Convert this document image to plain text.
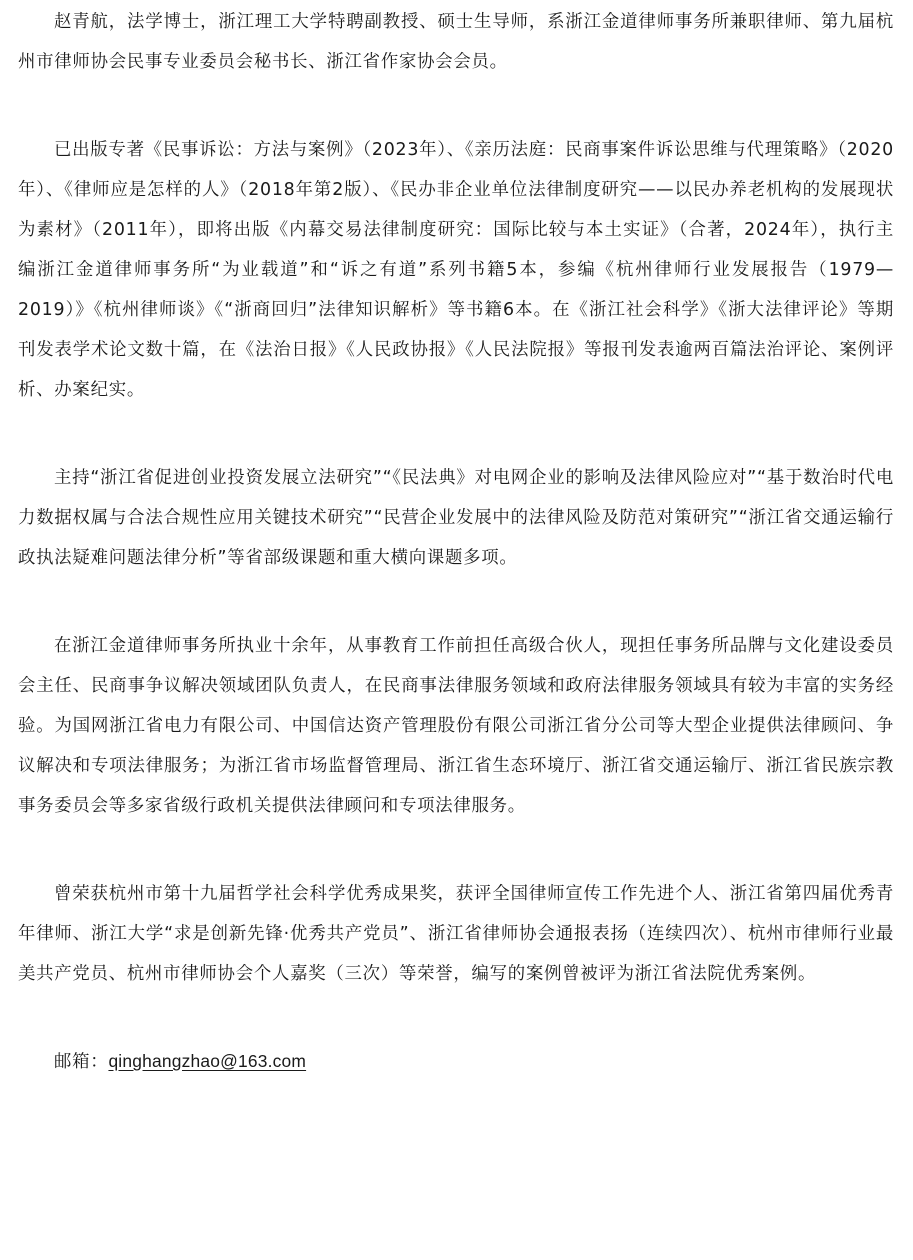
赵青航，法学博士，浙江理工大学特聘副教授、硕士生导师，系浙江金道律师事务所兼职律师、第九届杭州市律师协会民事专业委员会秘书长、浙江省作家协会会员。

已出版专著《民事诉讼：方法与案例》（2023年）、《亲历法庭：民商事案件诉讼思维与代理策略》（2020年）、《律师应是怎样的人》（2018年第2版）、《民办非企业单位法律制度研究——以民办养老机构的发展现状为素材》（2011年），即将出版《内幕交易法律制度研究：国际比较与本土实证》（合著，2024年），执行主编浙江金道律师事务所“为业载道”和“诉之有道”系列书籍5本，参编《杭州律师行业发展报告（1979—2019）》《杭州律师谈》《“浙商回归”法律知识解析》等书籍6本。在《浙江社会科学》《浙大法律评论》等期刊发表学术论文数十篇，在《法治日报》《人民政协报》《人民法院报》等报刊发表逾两百篇法治评论、案例评析、办案纪实。

主持“浙江省促进创业投资发展立法研究”“《民法典》对电网企业的影响及法律风险应对”“基于数治时代电力数据权属与合法合规性应用关键技术研究”“民营企业发展中的法律风险及防范对策研究”“浙江省交通运输行政执法疑难问题法律分析”等省部级课题和重大横向课题多项。

在浙江金道律师事务所执业十余年，从事教育工作前担任高级合伙人，现担任事务所品牌与文化建设委员会主任、民商事争议解决领域团队负责人，在民商事法律服务领域和政府法律服务领域具有较为丰富的实务经验。为国网浙江省电力有限公司、中国信达资产管理股份有限公司浙江省分公司等大型企业提供法律顾问、争议解决和专项法律服务；为浙江省市场监督管理局、浙江省生态环境厅、浙江省交通运输厅、浙江省民族宗教事务委员会等多家省级行政机关提供法律顾问和专项法律服务。

曾荣获杭州市第十九届哲学社会科学优秀成果奖，获评全国律师宣传工作先进个人、浙江省第四届优秀青年律师、浙江大学“求是创新先锋·优秀共产党员”、浙江省律师协会通报表扬（连续四次）、杭州市律师行业最美共产党员、杭州市律师协会个人嘉奖（三次）等荣誉，编写的案例曾被评为浙江省法院优秀案例。

邮箱：qinghangzhao@163.com
